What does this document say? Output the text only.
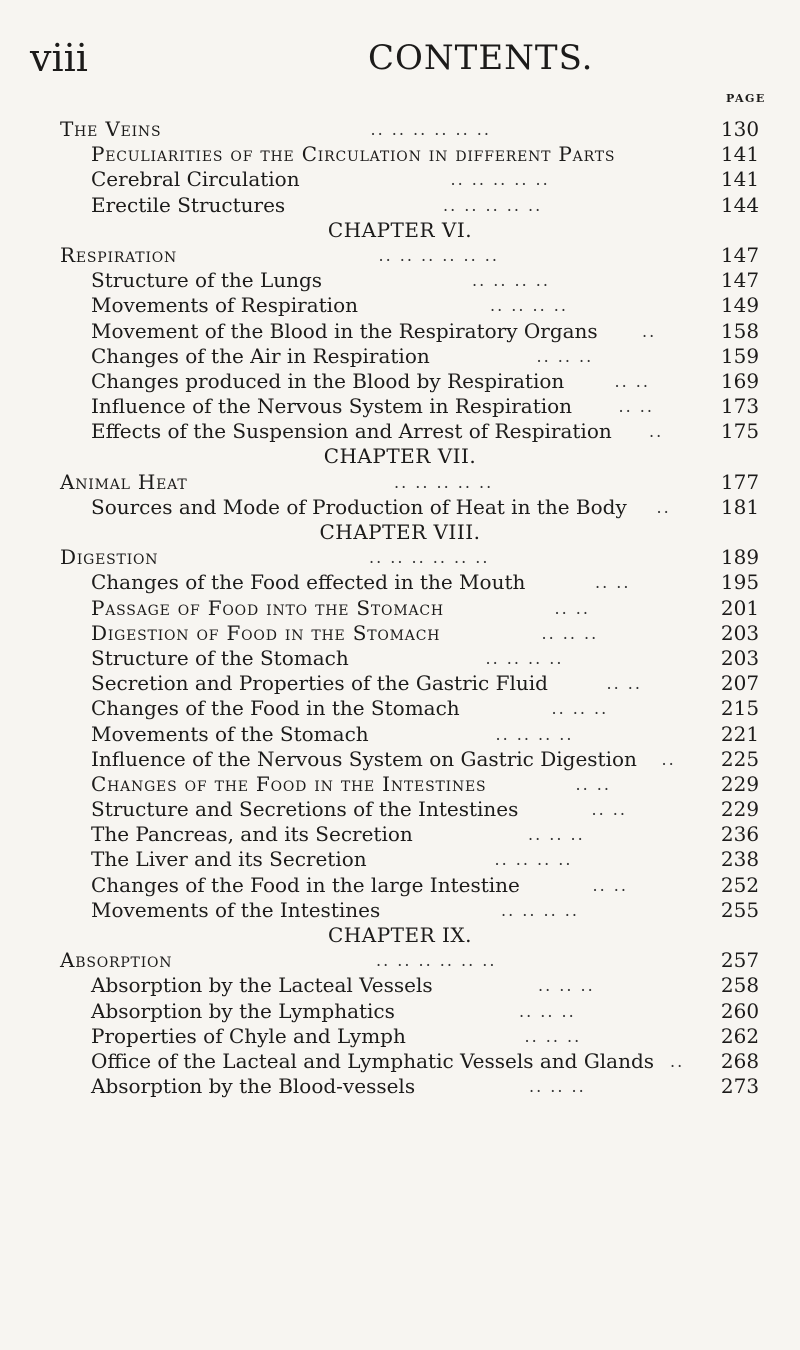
viii	CONTENTS.
PAGE
The Veins	.. .. .. .. .. ..	130
Peculiarities of the Circulation in different Parts	141
Cerebral Circulation	.. .. .. .. ..	141
Erectile Structures	.. .. .. .. ..	144
CHAPTER VI.
Respiration	.. .. .. .. .. ..	147
Structure of the Lungs	.. .. .. ..	147
Movements of Respiration	.. .. .. ..	149
Movement of the Blood in the Respiratory Organs	..	158
Changes of the Air in Respiration	.. .. ..	159
Changes produced in the Blood by Respiration	.. ..	169
Influence of the Nervous System in Respiration	.. ..	173
Effects of the Suspension and Arrest of Respiration ..	175
CHAPTER VII.
Animal Heat	.. .. .. .. ..	177
Sources and Mode of Production of Heat in the Body ..	181
CHAPTER VIII.
Digestion	.. .. .. .. .. ..	189
Changes of the Food effected in the Mouth	.. ..	195
Passage of Food into the Stomach	.. ..	201
Digestion of Food in the Stomach	.. .. ..	203
Structure of the Stomach	.. .. .. ..	203
Secretion and Properties of the Gastric Fluid	.. ..	207
Changes of the Food in the Stomach	.. .. ..	215
Movements of the Stomach	.. .. .. ..	221
Influence of the Nervous System on Gastric Digestion .. 225
Changes of the Food in the Intestines	.. ..	229
Structure and Secretions of the Intestines	.. ..	229
The Pancreas, and its Secretion	.. .. ..	236
The Liver and its Secretion	.. .. .. ..	238
Changes of the Food in the large Intestine	.. ..	252
Movements of the Intestines	.. .. .. ..	255
CHAPTER IX.
Absorption	.. .. .. .. .. ..	257
Absorption by the Lacteal Vessels	.. .. ..	258
Absorption by the Lymphatics	.. .. ..	260
Properties of Chyle and Lymph	.. .. ..	262
Office of the Lacteal and Lymphatic Vessels and Glands .. 268
Absorption by the Blood-vessels	.. .. ..	273
